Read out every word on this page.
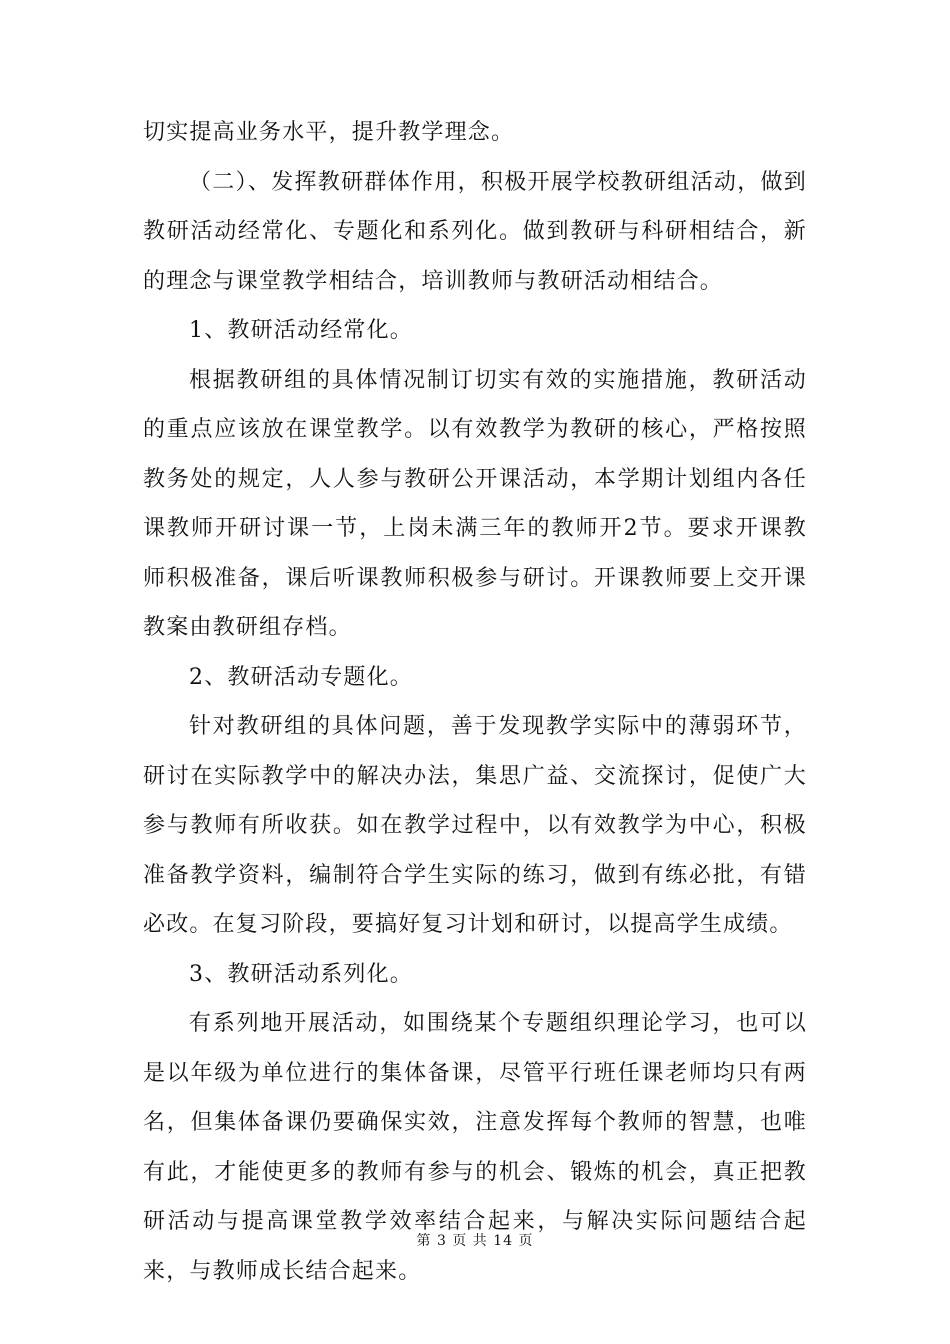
切实提高业务水平，提升教学理念。

（二）、发挥教研群体作用，积极开展学校教研组活动，做到教研活动经常化、专题化和系列化。做到教研与科研相结合，新的理念与课堂教学相结合，培训教师与教研活动相结合。

1、教研活动经常化。

根据教研组的具体情况制订切实有效的实施措施，教研活动的重点应该放在课堂教学。以有效教学为教研的核心，严格按照教务处的规定，人人参与教研公开课活动，本学期计划组内各任课教师开研讨课一节，上岗未满三年的教师开2节。要求开课教师积极准备，课后听课教师积极参与研讨。开课教师要上交开课教案由教研组存档。

2、教研活动专题化。

针对教研组的具体问题，善于发现教学实际中的薄弱环节，研讨在实际教学中的解决办法，集思广益、交流探讨，促使广大参与教师有所收获。如在教学过程中，以有效教学为中心，积极准备教学资料，编制符合学生实际的练习，做到有练必批，有错必改。在复习阶段，要搞好复习计划和研讨，以提高学生成绩。

3、教研活动系列化。

有系列地开展活动，如围绕某个专题组织理论学习，也可以是以年级为单位进行的集体备课，尽管平行班任课老师均只有两名，但集体备课仍要确保实效，注意发挥每个教师的智慧，也唯有此，才能使更多的教师有参与的机会、锻炼的机会，真正把教研活动与提高课堂教学效率结合起来，与解决实际问题结合起来，与教师成长结合起来。

第 3 页 共 14 页
